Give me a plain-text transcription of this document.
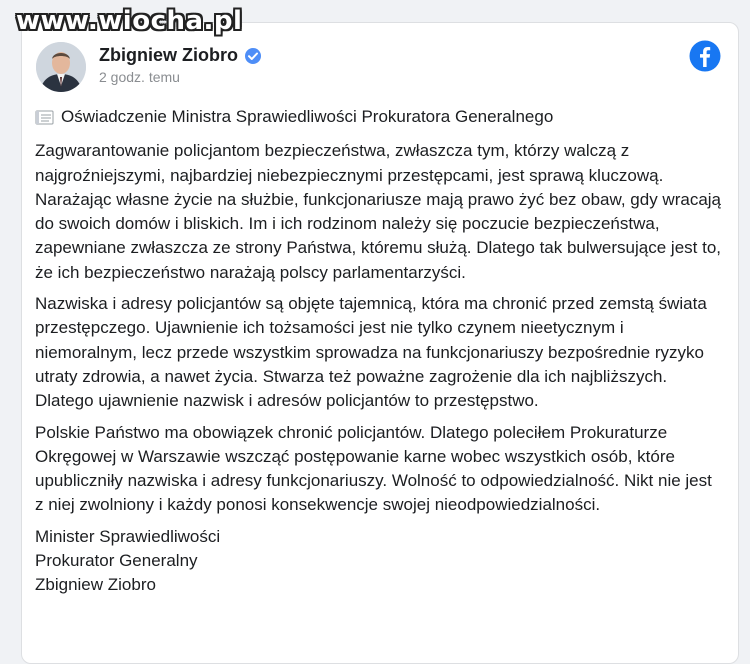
www.wiocha.pl
Zbigniew Ziobro
2 godz. temu
Oświadczenie Ministra Sprawiedliwości Prokuratora Generalnego

Zagwarantowanie policjantom bezpieczeństwa, zwłaszcza tym, którzy walczą z najgroźniejszymi, najbardziej niebezpiecznymi przestępcami, jest sprawą kluczową. Narażając własne życie na służbie, funkcjonariusze mają prawo żyć bez obaw, gdy wracają do swoich domów i bliskich. Im i ich rodzinom należy się poczucie bezpieczeństwa, zapewniane zwłaszcza ze strony Państwa, któremu służą. Dlatego tak bulwersujące jest to, że ich bezpieczeństwo narażają polscy parlamentarzyści.

Nazwiska i adresy policjantów są objęte tajemnicą, która ma chronić przed zemstą świata przestępczego. Ujawnienie ich tożsamości jest nie tylko czynem nieetycznym i niemoralnym, lecz przede wszystkim sprowadza na funkcjonariuszy bezpośrednie ryzyko utraty zdrowia, a nawet życia. Stwarza też poważne zagrożenie dla ich najbliższych. Dlatego ujawnienie nazwisk i adresów policjantów to przestępstwo.

Polskie Państwo ma obowiązek chronić policjantów. Dlatego poleciłem Prokuraturze Okręgowej w Warszawie wszcząć postępowanie karne wobec wszystkich osób, które upubliczniły nazwiska i adresy funkcjonariuszy. Wolność to odpowiedzialność. Nikt nie jest z niej zwolniony i każdy ponosi konsekwencje swojej nieodpowiedzialności.

Minister Sprawiedliwości
Prokurator Generalny
Zbigniew Ziobro
